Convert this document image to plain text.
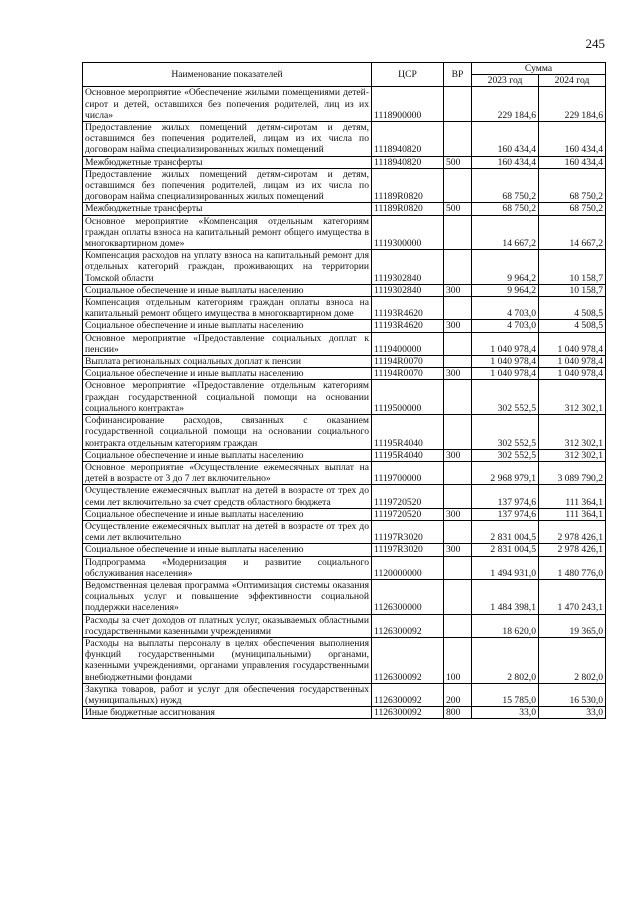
245
Наименование показателей	ЦСР	ВР	Сумма	
			2023 год	2024 год
Основное мероприятие «Обеспечение жилыми помещениями детей-сирот и детей, оставшихся без попечения родителей, лиц из их числа»	1118900000		229 184,6	229 184,6
Предоставление жилых помещений детям-сиротам и детям, оставшимся без попечения родителей, лицам из их числа по договорам найма специализированных жилых помещений	1118940820		160 434,4	160 434,4
Межбюджетные трансферты	1118940820	500	160 434,4	160 434,4
Предоставление жилых помещений детям-сиротам и детям, оставшимся без попечения родителей, лицам из их числа по договорам найма специализированных жилых помещений	11189R0820		68 750,2	68 750,2
Межбюджетные трансферты	11189R0820	500	68 750,2	68 750,2
Основное мероприятие «Компенсация отдельным категориям граждан оплаты взноса на капитальный ремонт общего имущества в многоквартирном доме»	1119300000		14 667,2	14 667,2
Компенсация расходов на уплату взноса на капитальный ремонт для отдельных категорий граждан, проживающих на территории Томской области	1119302840		9 964,2	10 158,7
Социальное обеспечение и иные выплаты населению	1119302840	300	9 964,2	10 158,7
Компенсация отдельным категориям граждан оплаты взноса на капитальный ремонт общего имущества в многоквартирном доме	11193R4620		4 703,0	4 508,5
Социальное обеспечение и иные выплаты населению	11193R4620	300	4 703,0	4 508,5
Основное мероприятие «Предоставление социальных доплат к пенсии»	1119400000		1 040 978,4	1 040 978,4
Выплата региональных социальных доплат к пенсии	11194R0070		1 040 978,4	1 040 978,4
Социальное обеспечение и иные выплаты населению	11194R0070	300	1 040 978,4	1 040 978,4
Основное мероприятие «Предоставление отдельным категориям граждан государственной социальной помощи на основании социального контракта»	1119500000		302 552,5	312 302,1
Софинансирование расходов, связанных с оказанием государственной социальной помощи на основании социального контракта отдельным категориям граждан	11195R4040		302 552,5	312 302,1
Социальное обеспечение и иные выплаты населению	11195R4040	300	302 552,5	312 302,1
Основное мероприятие «Осуществление ежемесячных выплат на детей в возрасте от 3 до 7 лет включительно»	1119700000		2 968 979,1	3 089 790,2
Осуществление ежемесячных выплат на детей в возрасте от трех до семи лет включительно за счет средств областного бюджета	1119720520		137 974,6	111 364,1
Социальное обеспечение и иные выплаты населению	1119720520	300	137 974,6	111 364,1
Осуществление ежемесячных выплат на детей в возрасте от трех до семи лет включительно	11197R3020		2 831 004,5	2 978 426,1
Социальное обеспечение и иные выплаты населению	11197R3020	300	2 831 004,5	2 978 426,1
Подпрограмма «Модернизация и развитие социального обслуживания населения»	1120000000		1 494 931,0	1 480 776,0
Ведомственная целевая программа «Оптимизация системы оказания социальных услуг и повышение эффективности социальной поддержки населения»	1126300000		1 484 398,1	1 470 243,1
Расходы за счет доходов от платных услуг, оказываемых областными государственными казенными учреждениями	1126300092		18 620,0	19 365,0
Расходы на выплаты персоналу в целях обеспечения выполнения функций государственными (муниципальными) органами, казенными учреждениями, органами управления государственными внебюджетными фондами	1126300092	100	2 802,0	2 802,0
Закупка товаров, работ и услуг для обеспечения государственных (муниципальных) нужд	1126300092	200	15 785,0	16 530,0
Иные бюджетные ассигнования	1126300092	800	33,0	33,0
